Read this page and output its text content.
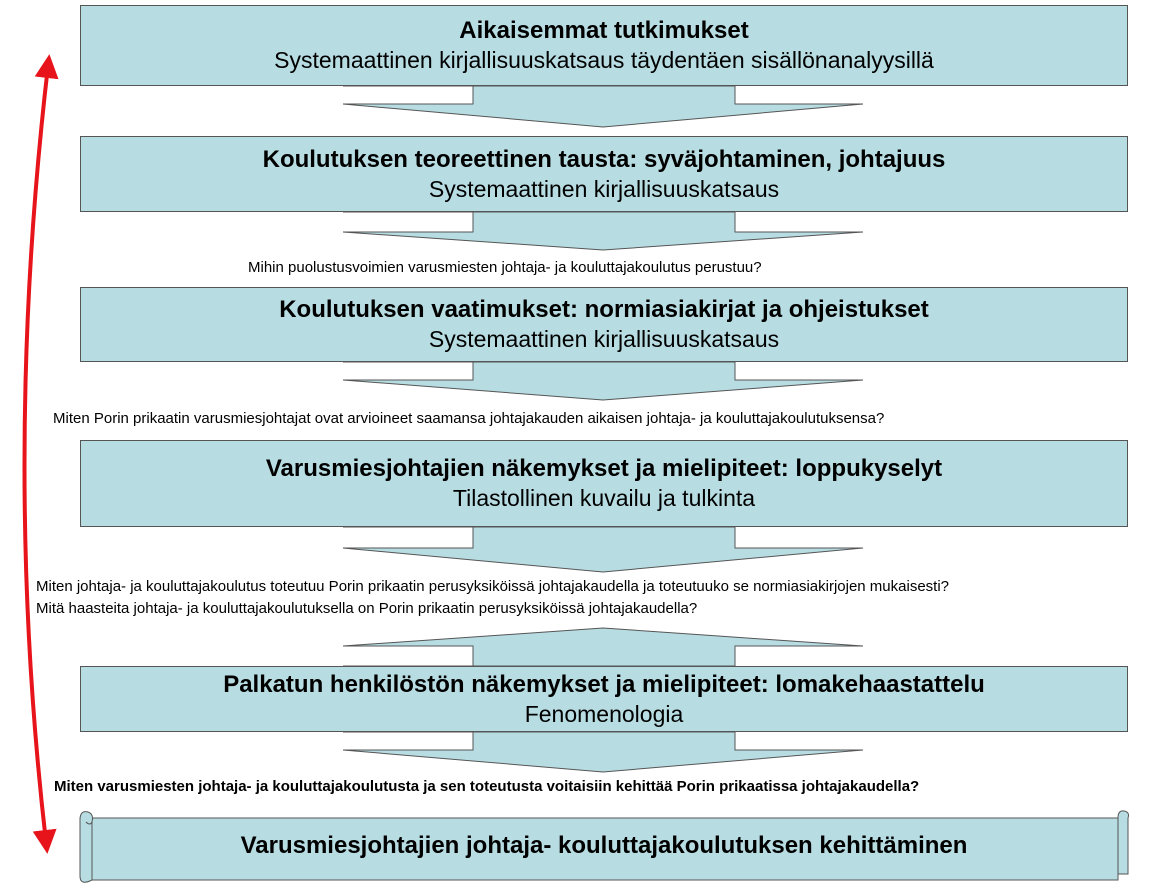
Aikaisemmat tutkimukset
Systemaattinen kirjallisuuskatsaus täydentäen sisällönanalyysillä
Koulutuksen teoreettinen tausta: syväjohtaminen, johtajuus
Systemaattinen kirjallisuuskatsaus
Koulutuksen vaatimukset: normiasiakirjat ja ohjeistukset
Systemaattinen kirjallisuuskatsaus
Varusmiesjohtajien näkemykset ja mielipiteet: loppukyselyt
Tilastollinen kuvailu ja tulkinta
Palkatun henkilöstön näkemykset ja mielipiteet: lomakehaastattelu
Fenomenologia
Mihin puolustusvoimien varusmiesten johtaja- ja kouluttajakoulutus perustuu?
Miten Porin prikaatin varusmiesjohtajat ovat arvioineet saamansa johtajakauden aikaisen johtaja- ja kouluttajakoulutuksensa?
Miten johtaja- ja kouluttajakoulutus toteutuu Porin prikaatin perusyksiköissä johtajakaudella ja toteutuuko se normiasiakirjojen mukaisesti?
Mitä haasteita johtaja- ja kouluttajakoulutuksella on Porin prikaatin perusyksiköissä johtajakaudella?
Miten varusmiesten johtaja- ja kouluttajakoulutusta ja sen toteutusta voitaisiin kehittää Porin prikaatissa johtajakaudella?
Varusmiesjohtajien johtaja- kouluttajakoulutuksen kehittäminen
